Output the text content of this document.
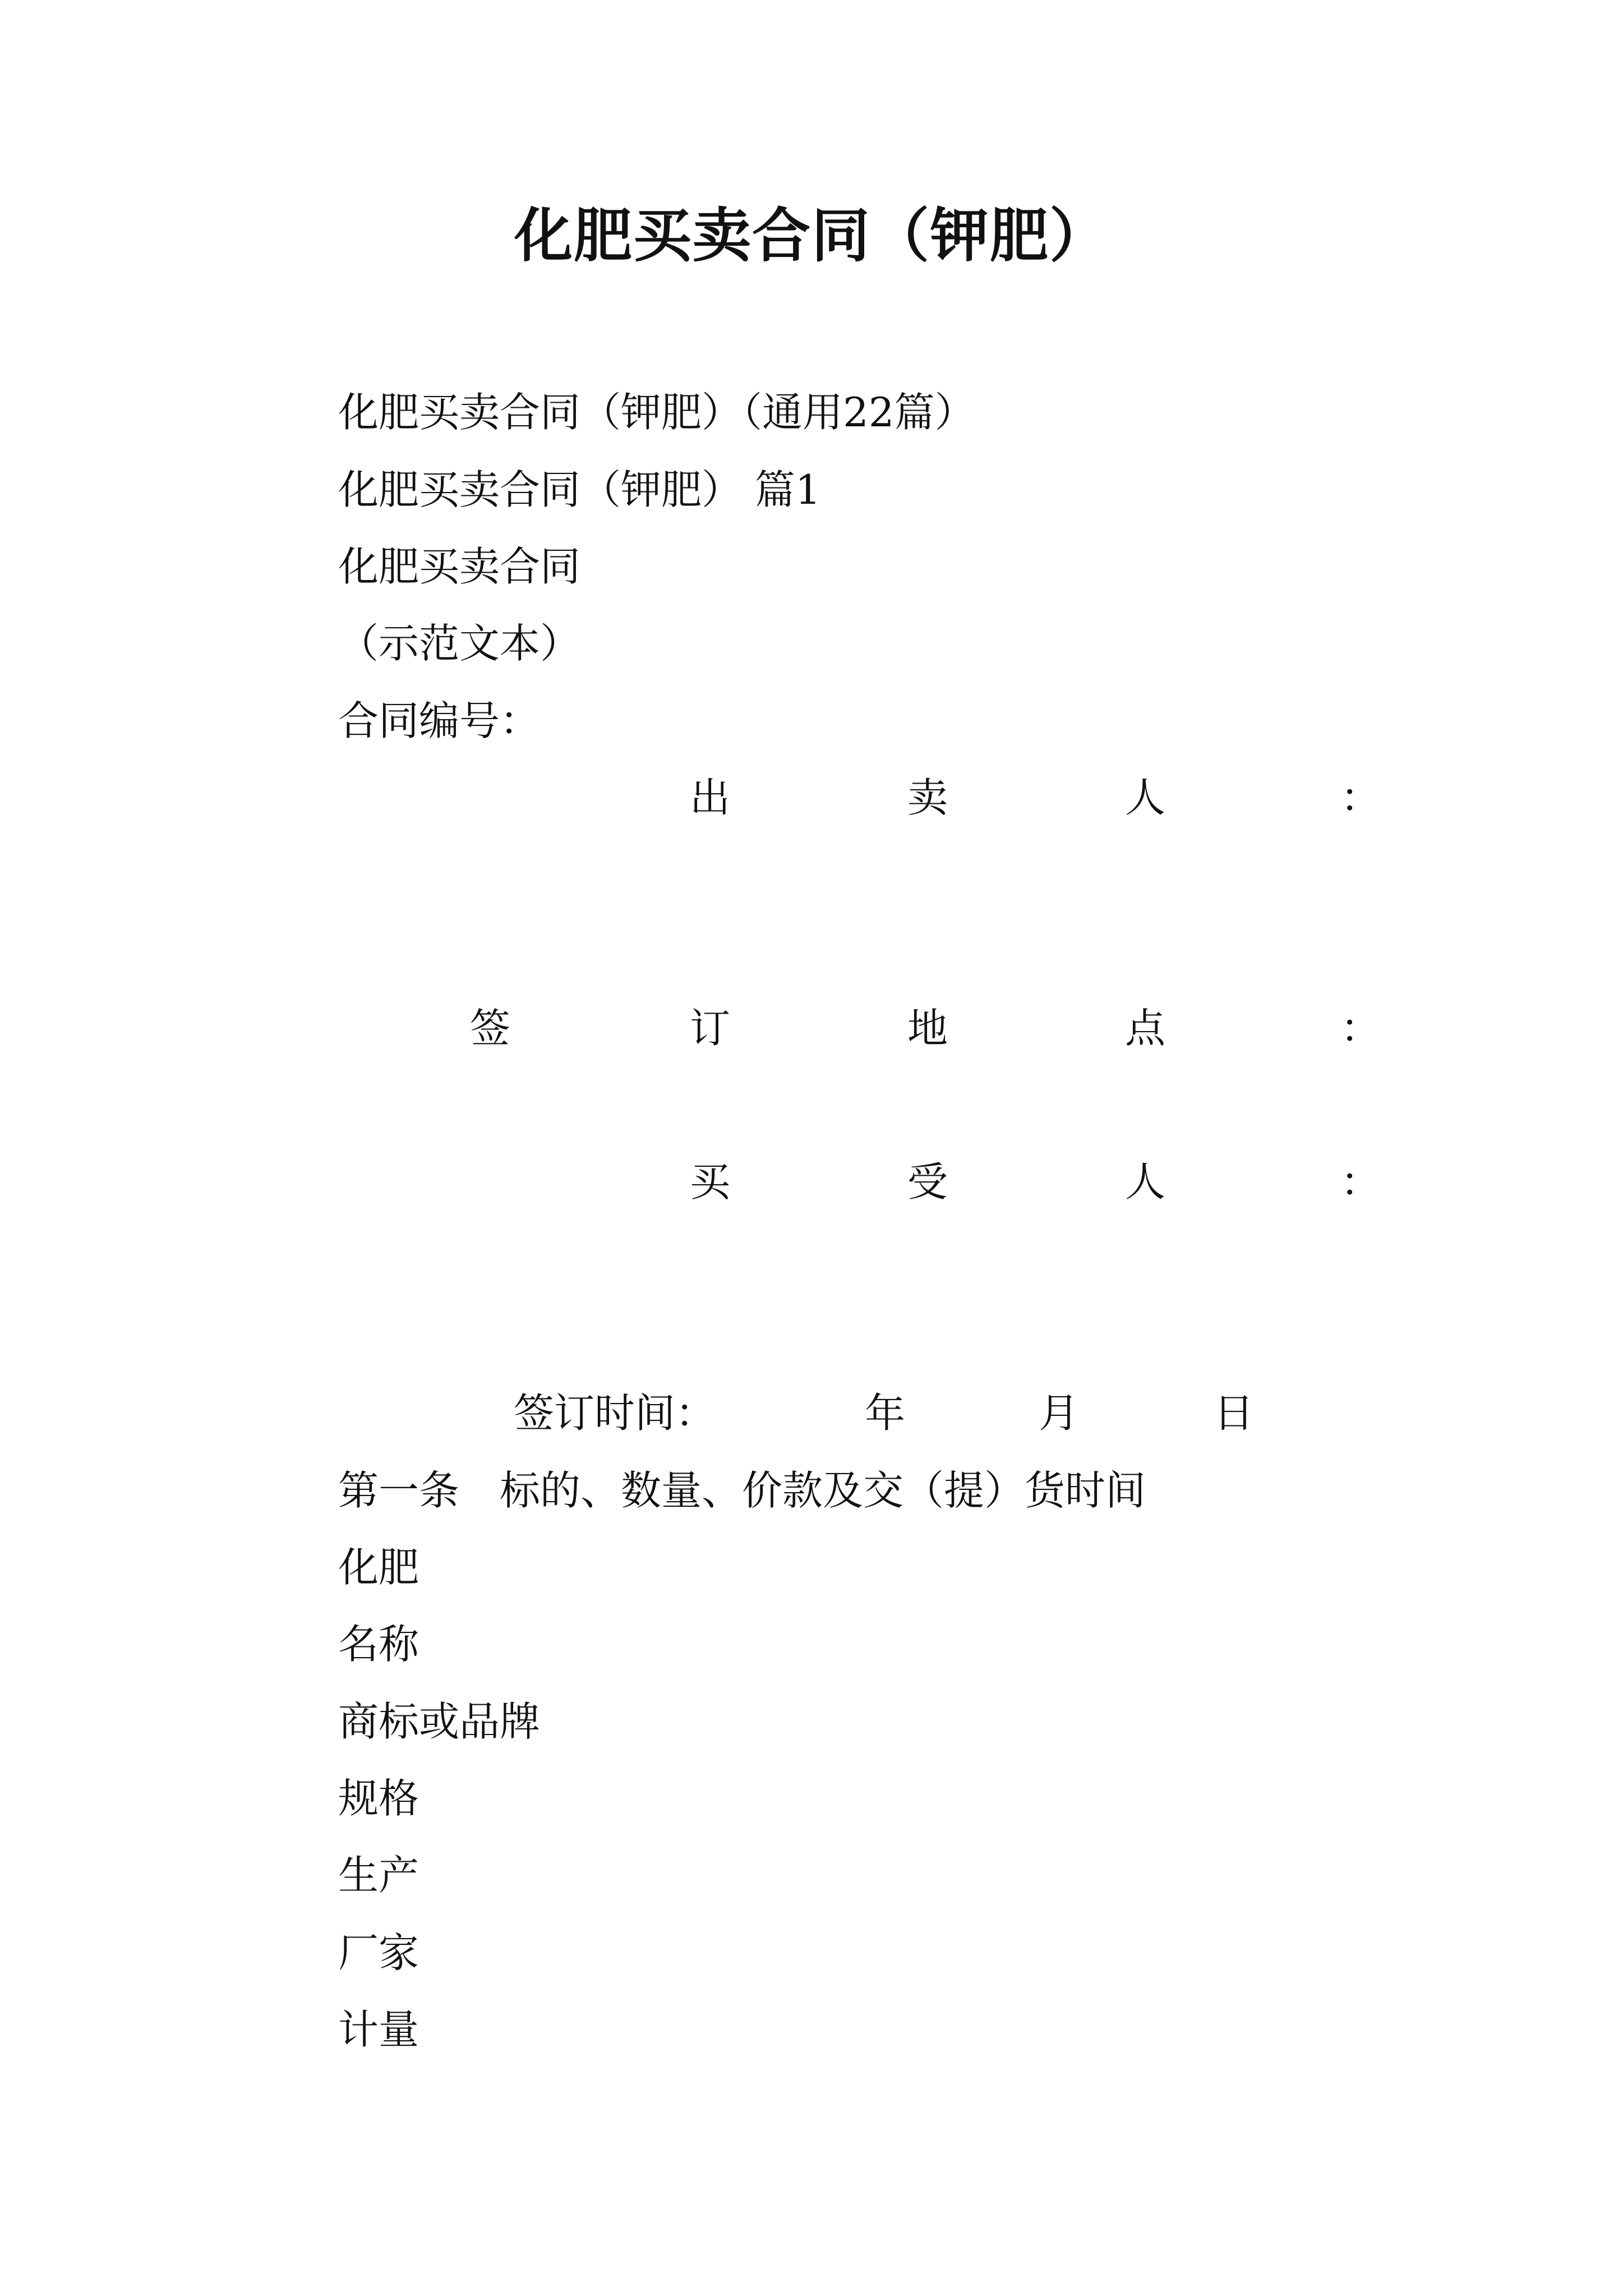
化肥买卖合同（钾肥）
化肥买卖合同（钾肥）（通用22篇）
化肥买卖合同（钾肥） 篇1
化肥买卖合同
（示范文本）
合同编号：
出	卖	人	：
签	订	地	点	：
买	受	人	：
签订时间：	年	月	日
第一条　标的、数量、价款及交（提）货时间
化肥
名称
商标或品牌
规格
生产
厂家
计量
